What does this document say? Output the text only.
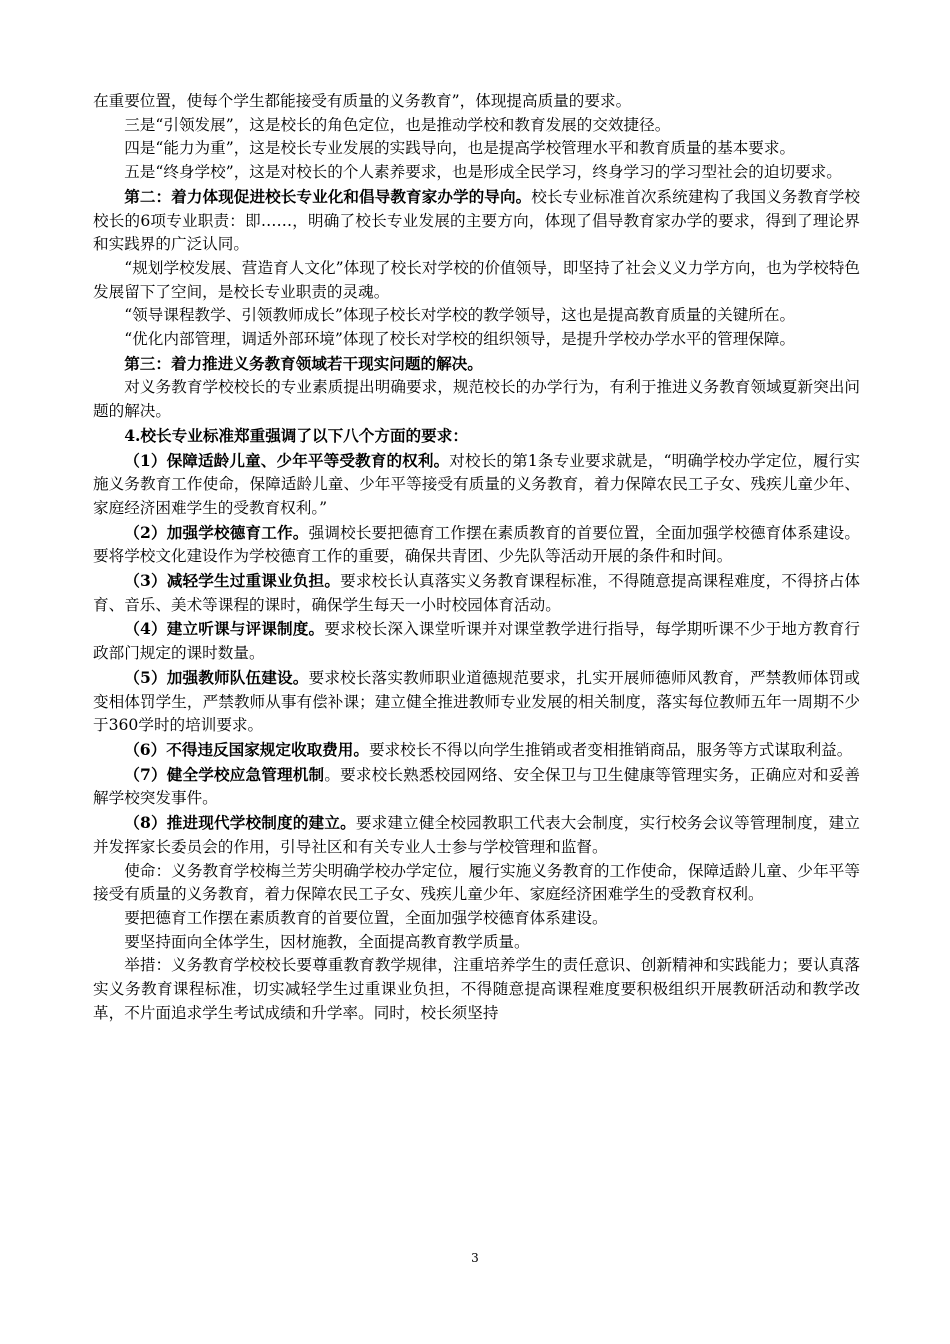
在重要位置，使每个学生都能接受有质量的义务教育”，体现提高质量的要求。

三是“引领发展”，这是校长的角色定位，也是推动学校和教育发展的交效捷径。

四是“能力为重”，这是校长专业发展的实践导向，也是提高学校管理水平和教育质量的基本要求。

五是“终身学校”，这是对校长的个人素养要求，也是形成全民学习，终身学习的学习型社会的迫切要求。

第二：着力体现促进校长专业化和倡导教育家办学的导向。校长专业标准首次系统建构了我国义务教育学校校长的6项专业职责：即……，明确了校长专业发展的主要方向，体现了倡导教育家办学的要求，得到了理论界和实践界的广泛认同。

“规划学校发展、营造育人文化”体现了校长对学校的价值领导，即坚持了社会义义力学方向，也为学校特色发展留下了空间，是校长专业职责的灵魂。

“领导课程教学、引领教师成长”体现子校长对学校的教学领导，这也是提高教育质量的关键所在。

“优化内部管理，调适外部环境”体现了校长对学校的组织领导，是提升学校办学水平的管理保障。

第三：着力推进义务教育领域若干现实问题的解决。

对义务教育学校校长的专业素质提出明确要求，规范校长的办学行为，有利于推进义务教育领域夏新突出问题的解决。

4.校长专业标准郑重强调了以下八个方面的要求：

（1）保障适龄儿童、少年平等受教育的权利。对校长的第1条专业要求就是，“明确学校办学定位，履行实施义务教育工作使命，保障适龄儿童、少年平等接受有质量的义务教育，着力保障农民工子女、残疾儿童少年、家庭经济困难学生的受教育权利。”

（2）加强学校德育工作。强调校长要把德育工作摆在素质教育的首要位置，全面加强学校德育体系建设。要将学校文化建设作为学校德育工作的重要，确保共青团、少先队等活动开展的条件和时间。

（3）减轻学生过重课业负担。要求校长认真落实义务教育课程标准，不得随意提高课程难度，不得挤占体育、音乐、美术等课程的课时，确保学生每天一小时校园体育活动。

（4）建立听课与评课制度。要求校长深入课堂听课并对课堂教学进行指导，每学期听课不少于地方教育行政部门规定的课时数量。

（5）加强教师队伍建设。要求校长落实教师职业道德规范要求，扎实开展师德师风教育，严禁教师体罚或变相体罚学生，严禁教师从事有偿补课；建立健全推进教师专业发展的相关制度，落实每位教师五年一周期不少于360学时的培训要求。

（6）不得违反国家规定收取费用。要求校长不得以向学生推销或者变相推销商品，服务等方式谋取利益。

（7）健全学校应急管理机制。要求校长熟悉校园网络、安全保卫与卫生健康等管理实务，正确应对和妥善解学校突发事件。

（8）推进现代学校制度的建立。要求建立健全校园教职工代表大会制度，实行校务会议等管理制度，建立并发挥家长委员会的作用，引导社区和有关专业人士参与学校管理和监督。

使命：义务教育学校梅兰芳尖明确学校办学定位，履行实施义务教育的工作使命，保障适龄儿童、少年平等接受有质量的义务教育，着力保障农民工子女、残疾儿童少年、家庭经济困难学生的受教育权利。

要把德育工作摆在素质教育的首要位置，全面加强学校德育体系建设。

要坚持面向全体学生，因材施教，全面提高教育教学质量。

举措：义务教育学校校长要尊重教育教学规律，注重培养学生的责任意识、创新精神和实践能力；要认真落实义务教育课程标准，切实减轻学生过重课业负担，不得随意提高课程难度要积极组织开展教研活动和教学改革，不片面追求学生考试成绩和升学率。同时，校长须坚持

3
